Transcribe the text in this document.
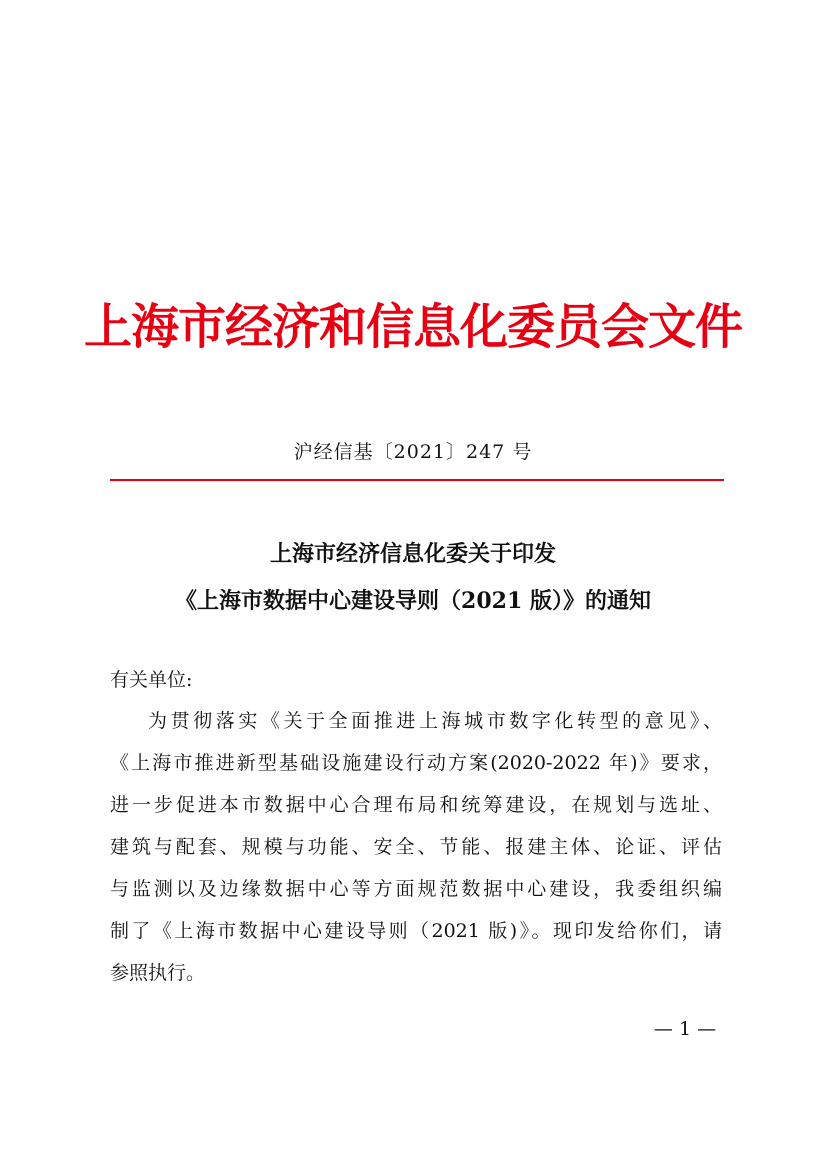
上海市经济和信息化委员会文件
沪经信基〔2021〕247 号
上海市经济信息化委关于印发
《上海市数据中心建设导则（2021 版）》的通知
有关单位:
为贯彻落实《关于全面推进上海城市数字化转型的意见》、
《上海市推进新型基础设施建设行动方案(2020-2022 年)》要求，
进一步促进本市数据中心合理布局和统筹建设，在规划与选址、
建筑与配套、规模与功能、安全、节能、报建主体、论证、评估
与监测以及边缘数据中心等方面规范数据中心建设，我委组织编
制了《上海市数据中心建设导则（2021 版)》。现印发给你们，请
参照执行。
— 1 —
